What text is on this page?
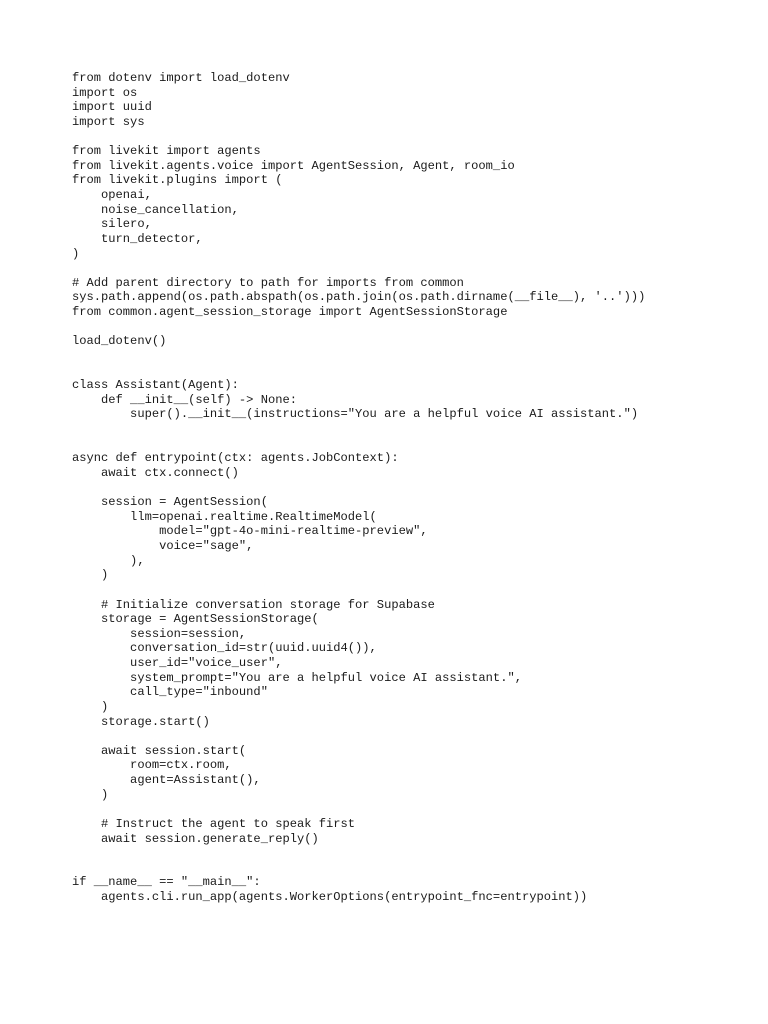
from dotenv import load_dotenv
import os
import uuid
import sys
from livekit import agents
from livekit.agents.voice import AgentSession, Agent, room_io
from livekit.plugins import (
openai,
noise_cancellation,
silero,
turn_detector,
)
# Add parent directory to path for imports from common
sys.path.append(os.path.abspath(os.path.join(os.path.dirname(__file__), '..')))
from common.agent_session_storage import AgentSessionStorage
load_dotenv()
class Assistant(Agent):
def __init__(self) -> None:
super().__init__(instructions="You are a helpful voice AI assistant.")
async def entrypoint(ctx: agents.JobContext):
await ctx.connect()
session = AgentSession(
llm=openai.realtime.RealtimeModel(
model="gpt-4o-mini-realtime-preview",
voice="sage",
),
)
# Initialize conversation storage for Supabase
storage = AgentSessionStorage(
session=session,
conversation_id=str(uuid.uuid4()),
user_id="voice_user",
system_prompt="You are a helpful voice AI assistant.",
call_type="inbound"
)
storage.start()
await session.start(
room=ctx.room,
agent=Assistant(),
)
# Instruct the agent to speak first
await session.generate_reply()
if __name__ == "__main__":
agents.cli.run_app(agents.WorkerOptions(entrypoint_fnc=entrypoint))
